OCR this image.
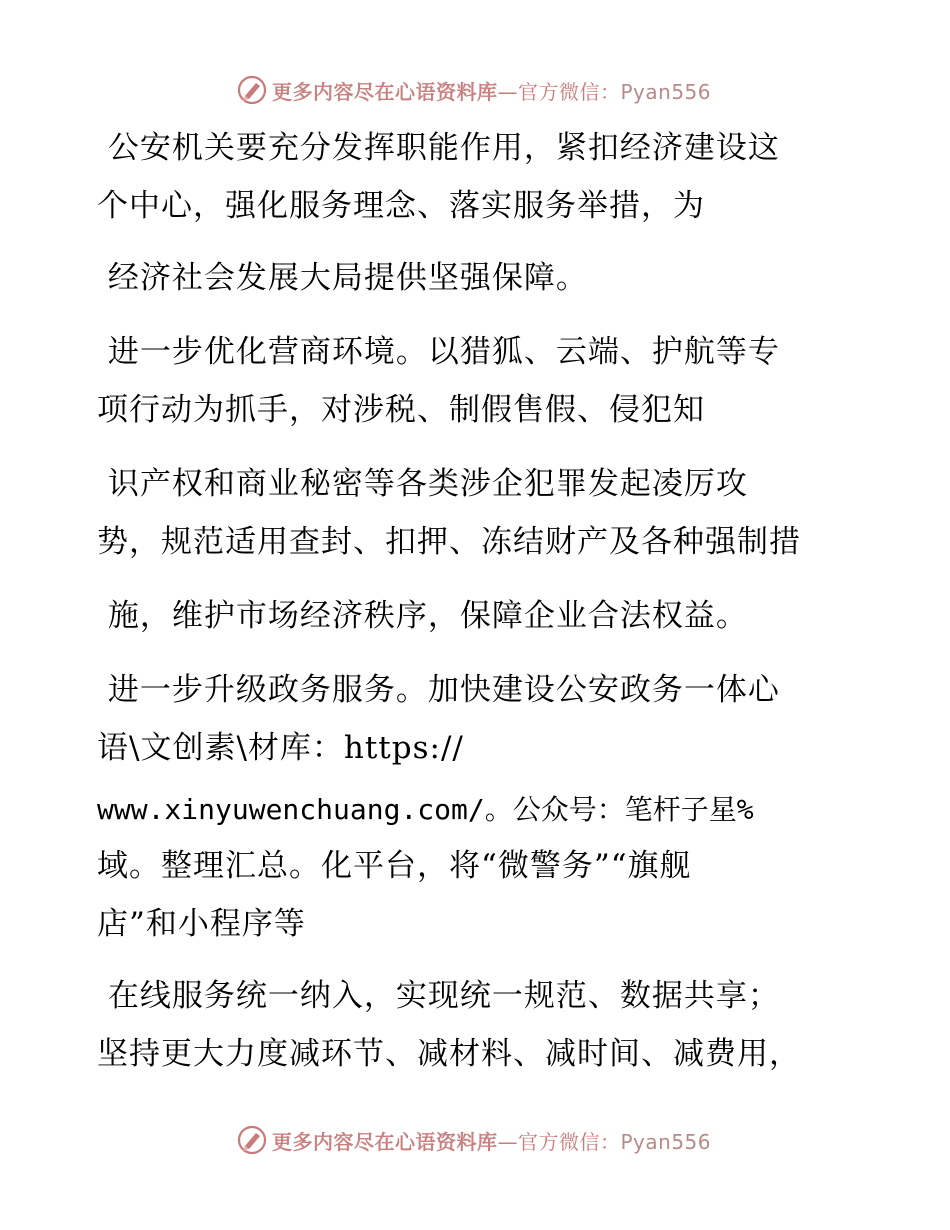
更多内容尽在心语资料库—官方微信：Pyan556
公安机关要充分发挥职能作用，紧扣经济建设这
个中心，强化服务理念、落实服务举措，为
经济社会发展大局提供坚强保障。
进一步优化营商环境。以猎狐、云端、护航等专
项行动为抓手，对涉税、制假售假、侵犯知
识产权和商业秘密等各类涉企犯罪发起凌厉攻
势，规范适用查封、扣押、冻结财产及各种强制措
施，维护市场经济秩序，保障企业合法权益。
进一步升级政务服务。加快建设公安政务一体心
语\文创素\材库：https://
www.xinyuwenchuang.com/。公众号：笔杆子星%
域。整理汇总。化平台，将“微警务”“旗舰
店”和小程序等
在线服务统一纳入，实现统一规范、数据共享；
坚持更大力度减环节、减材料、减时间、减费用，
更多内容尽在心语资料库—官方微信：Pyan556
